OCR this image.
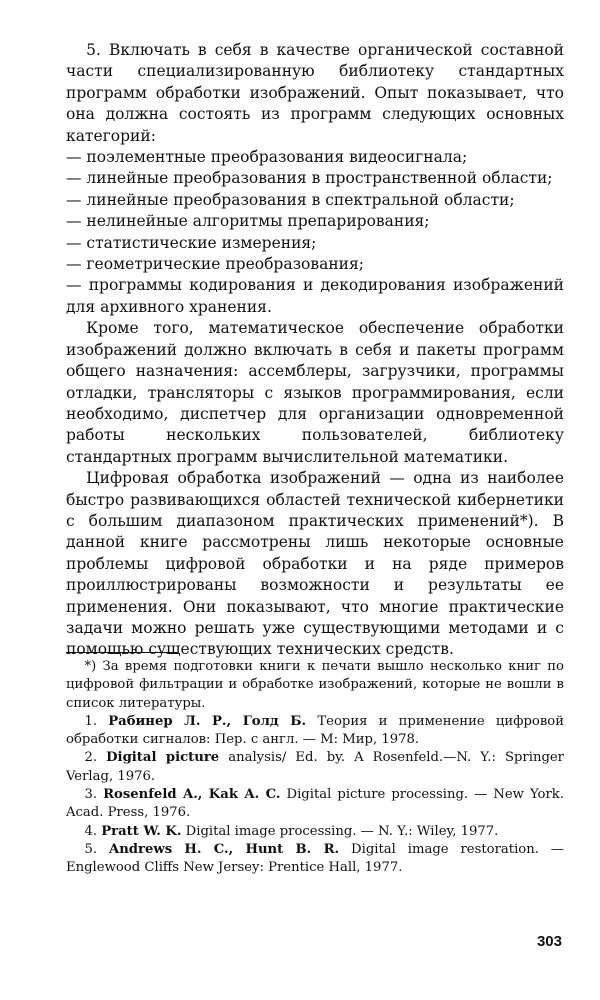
5. Включать в себя в качестве органической составной части специализированную библиотеку стандартных программ обработки изображений. Опыт показывает, что она должна состоять из программ следующих основных категорий:

— поэлементные преобразования видеосигнала;
— линейные преобразования в пространственной области;
— линейные преобразования в спектральной области;
— нелинейные алгоритмы препарирования;
— статистические измерения;
— геометрические преобразования;
— программы кодирования и декодирования изображений для архивного хранения.

Кроме того, математическое обеспечение обработки изображений должно включать в себя и пакеты программ общего назначения: ассемблеры, загрузчики, программы отладки, трансляторы с языков программирования, если необходимо, диспетчер для организации одновременной работы нескольких пользователей, библиотеку стандартных программ вычислительной математики.

Цифровая обработка изображений — одна из наиболее быстро развивающихся областей технической кибернетики с большим диапазоном практических применений*). В данной книге рассмотрены лишь некоторые основные проблемы цифровой обработки и на ряде примеров проиллюстрированы возможности и результаты ее применения. Они показывают, что многие практические задачи можно решать уже существующими методами и с помощью существующих технических средств.

*) За время подготовки книги к печати вышло несколько книг по цифровой фильтрации и обработке изображений, которые не вошли в список литературы.

1. Рабинер Л. Р., Голд Б. Теория и применение цифровой обработки сигналов: Пер. с англ. — М: Мир, 1978.

2. Digital picture analysis/ Ed. by. A Rosenfeld.—N. Y.: Springer Verlag, 1976.

3. Rosenfeld A., Kak A. C. Digital picture processing. — New York. Acad. Press, 1976.

4. Pratt W. K. Digital image processing. — N. Y.: Wiley, 1977.

5. Andrews H. C., Hunt B. R. Digital image restoration. — Englewood Cliffs New Jersey: Prentice Hall, 1977.

303
